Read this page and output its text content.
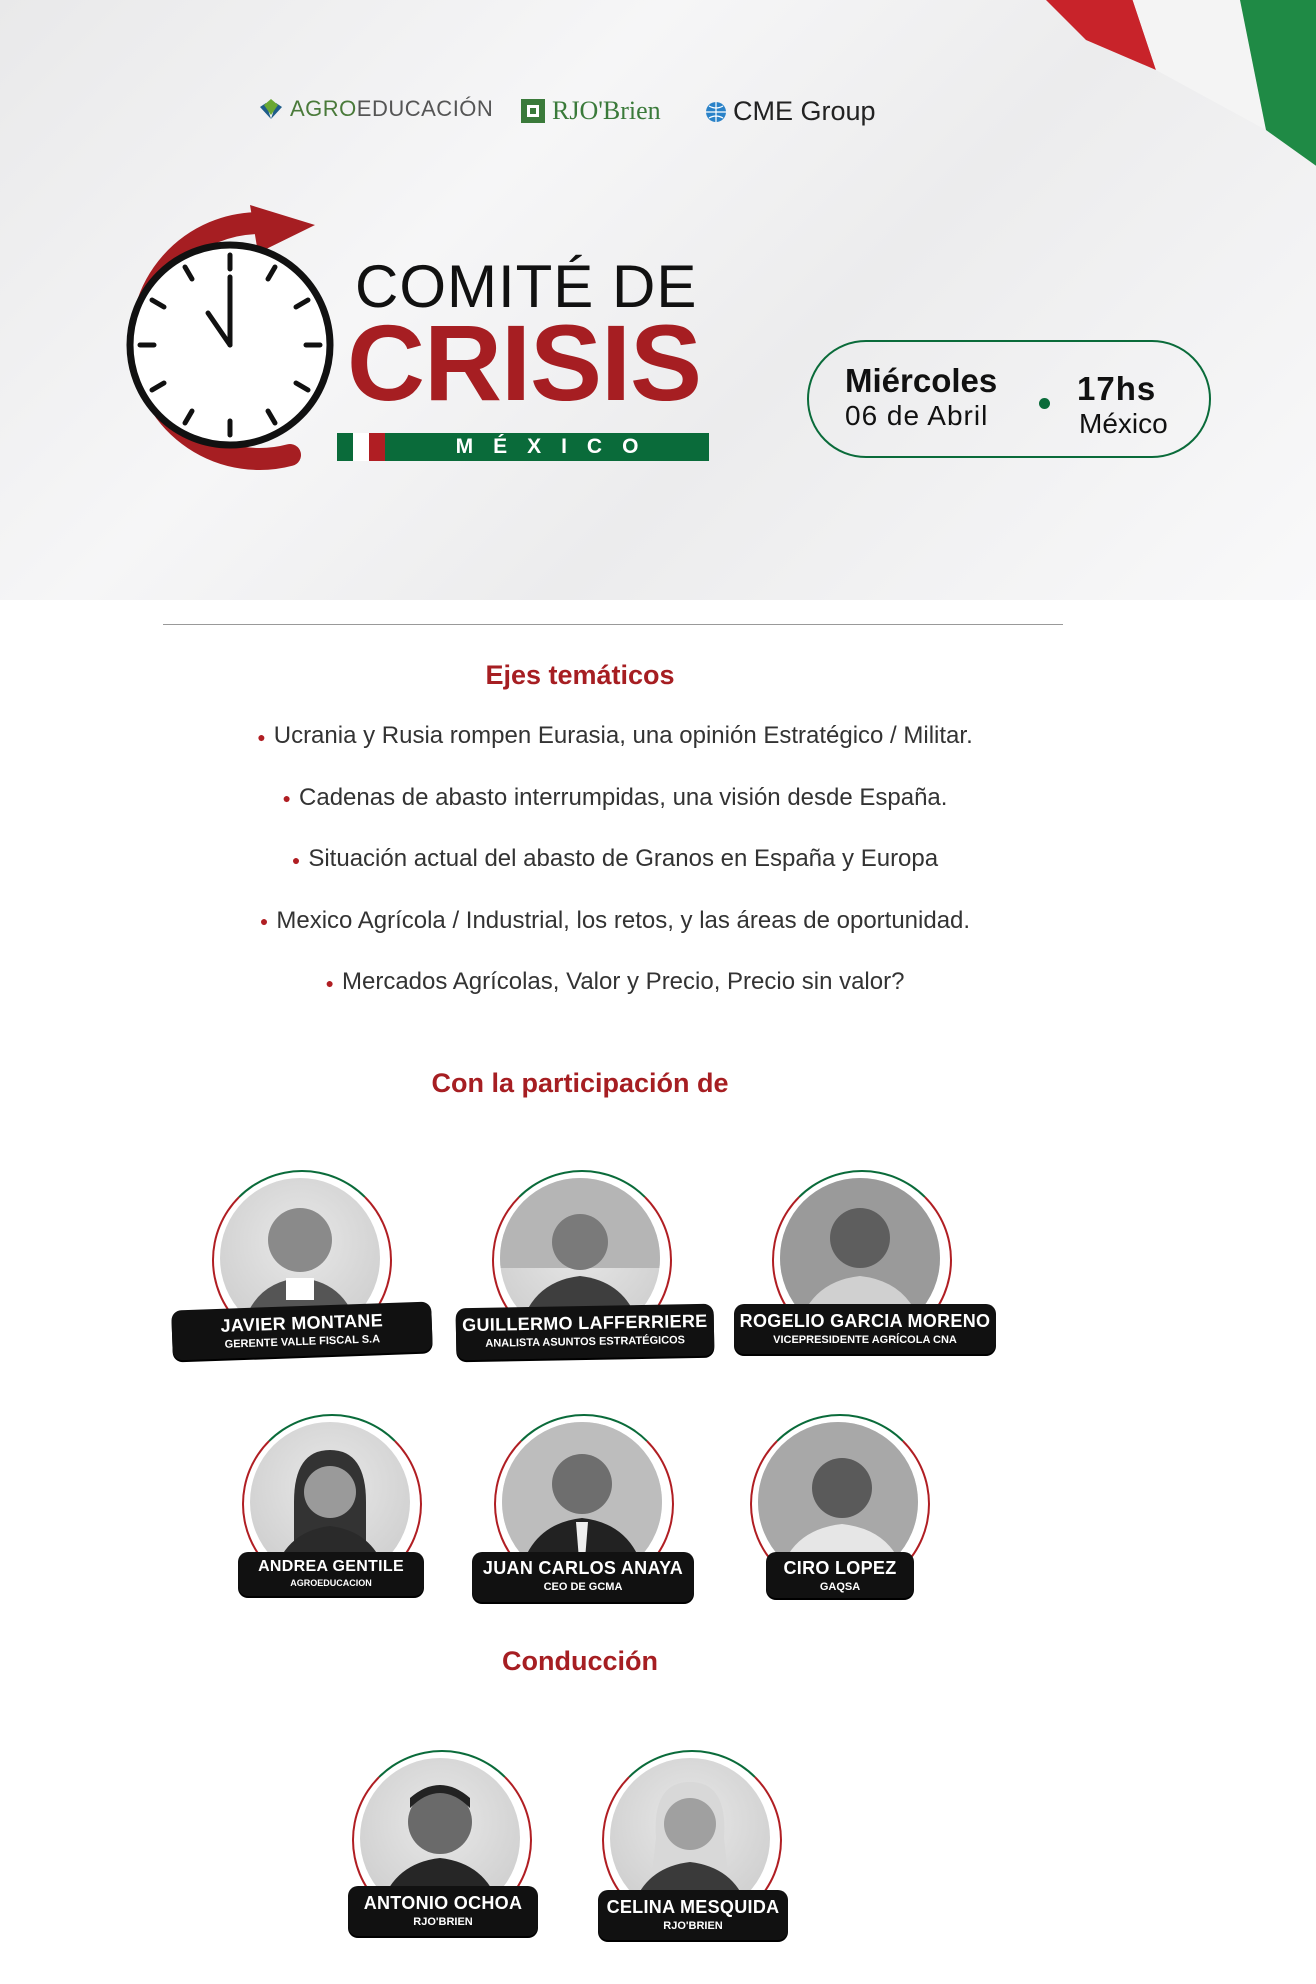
AGROEDUCACIÓN RJO'Brien	CME Group
COMITÉ DE
CRISIS
MÉXICO
Miércoles
06 de Abril
17hs
México
Ejes temáticos
● Ucrania y Rusia rompen Eurasia, una opinión Estratégico / Militar.
● Cadenas de abasto interrumpidas, una visión desde España.
● Situación actual del abasto de Granos en España y Europa
● Mexico Agrícola / Industrial, los retos, y las áreas de oportunidad.
● Mercados Agrícolas, Valor y Precio, Precio sin valor?
Con la participación de
JAVIER MONTANE
GERENTE VALLE FISCAL S.A
GUILLERMO LAFFERRIERE
ANALISTA ASUNTOS ESTRATÉGICOS
ROGELIO GARCIA MORENO
VICEPRESIDENTE AGRÍCOLA CNA
ANDREA GENTILE
AGROEDUCACION
JUAN CARLOS ANAYA
CEO DE GCMA
CIRO LOPEZ
GAQSA
Conducción
ANTONIO OCHOA
RJO'BRIEN
CELINA MESQUIDA
RJO'BRIEN
